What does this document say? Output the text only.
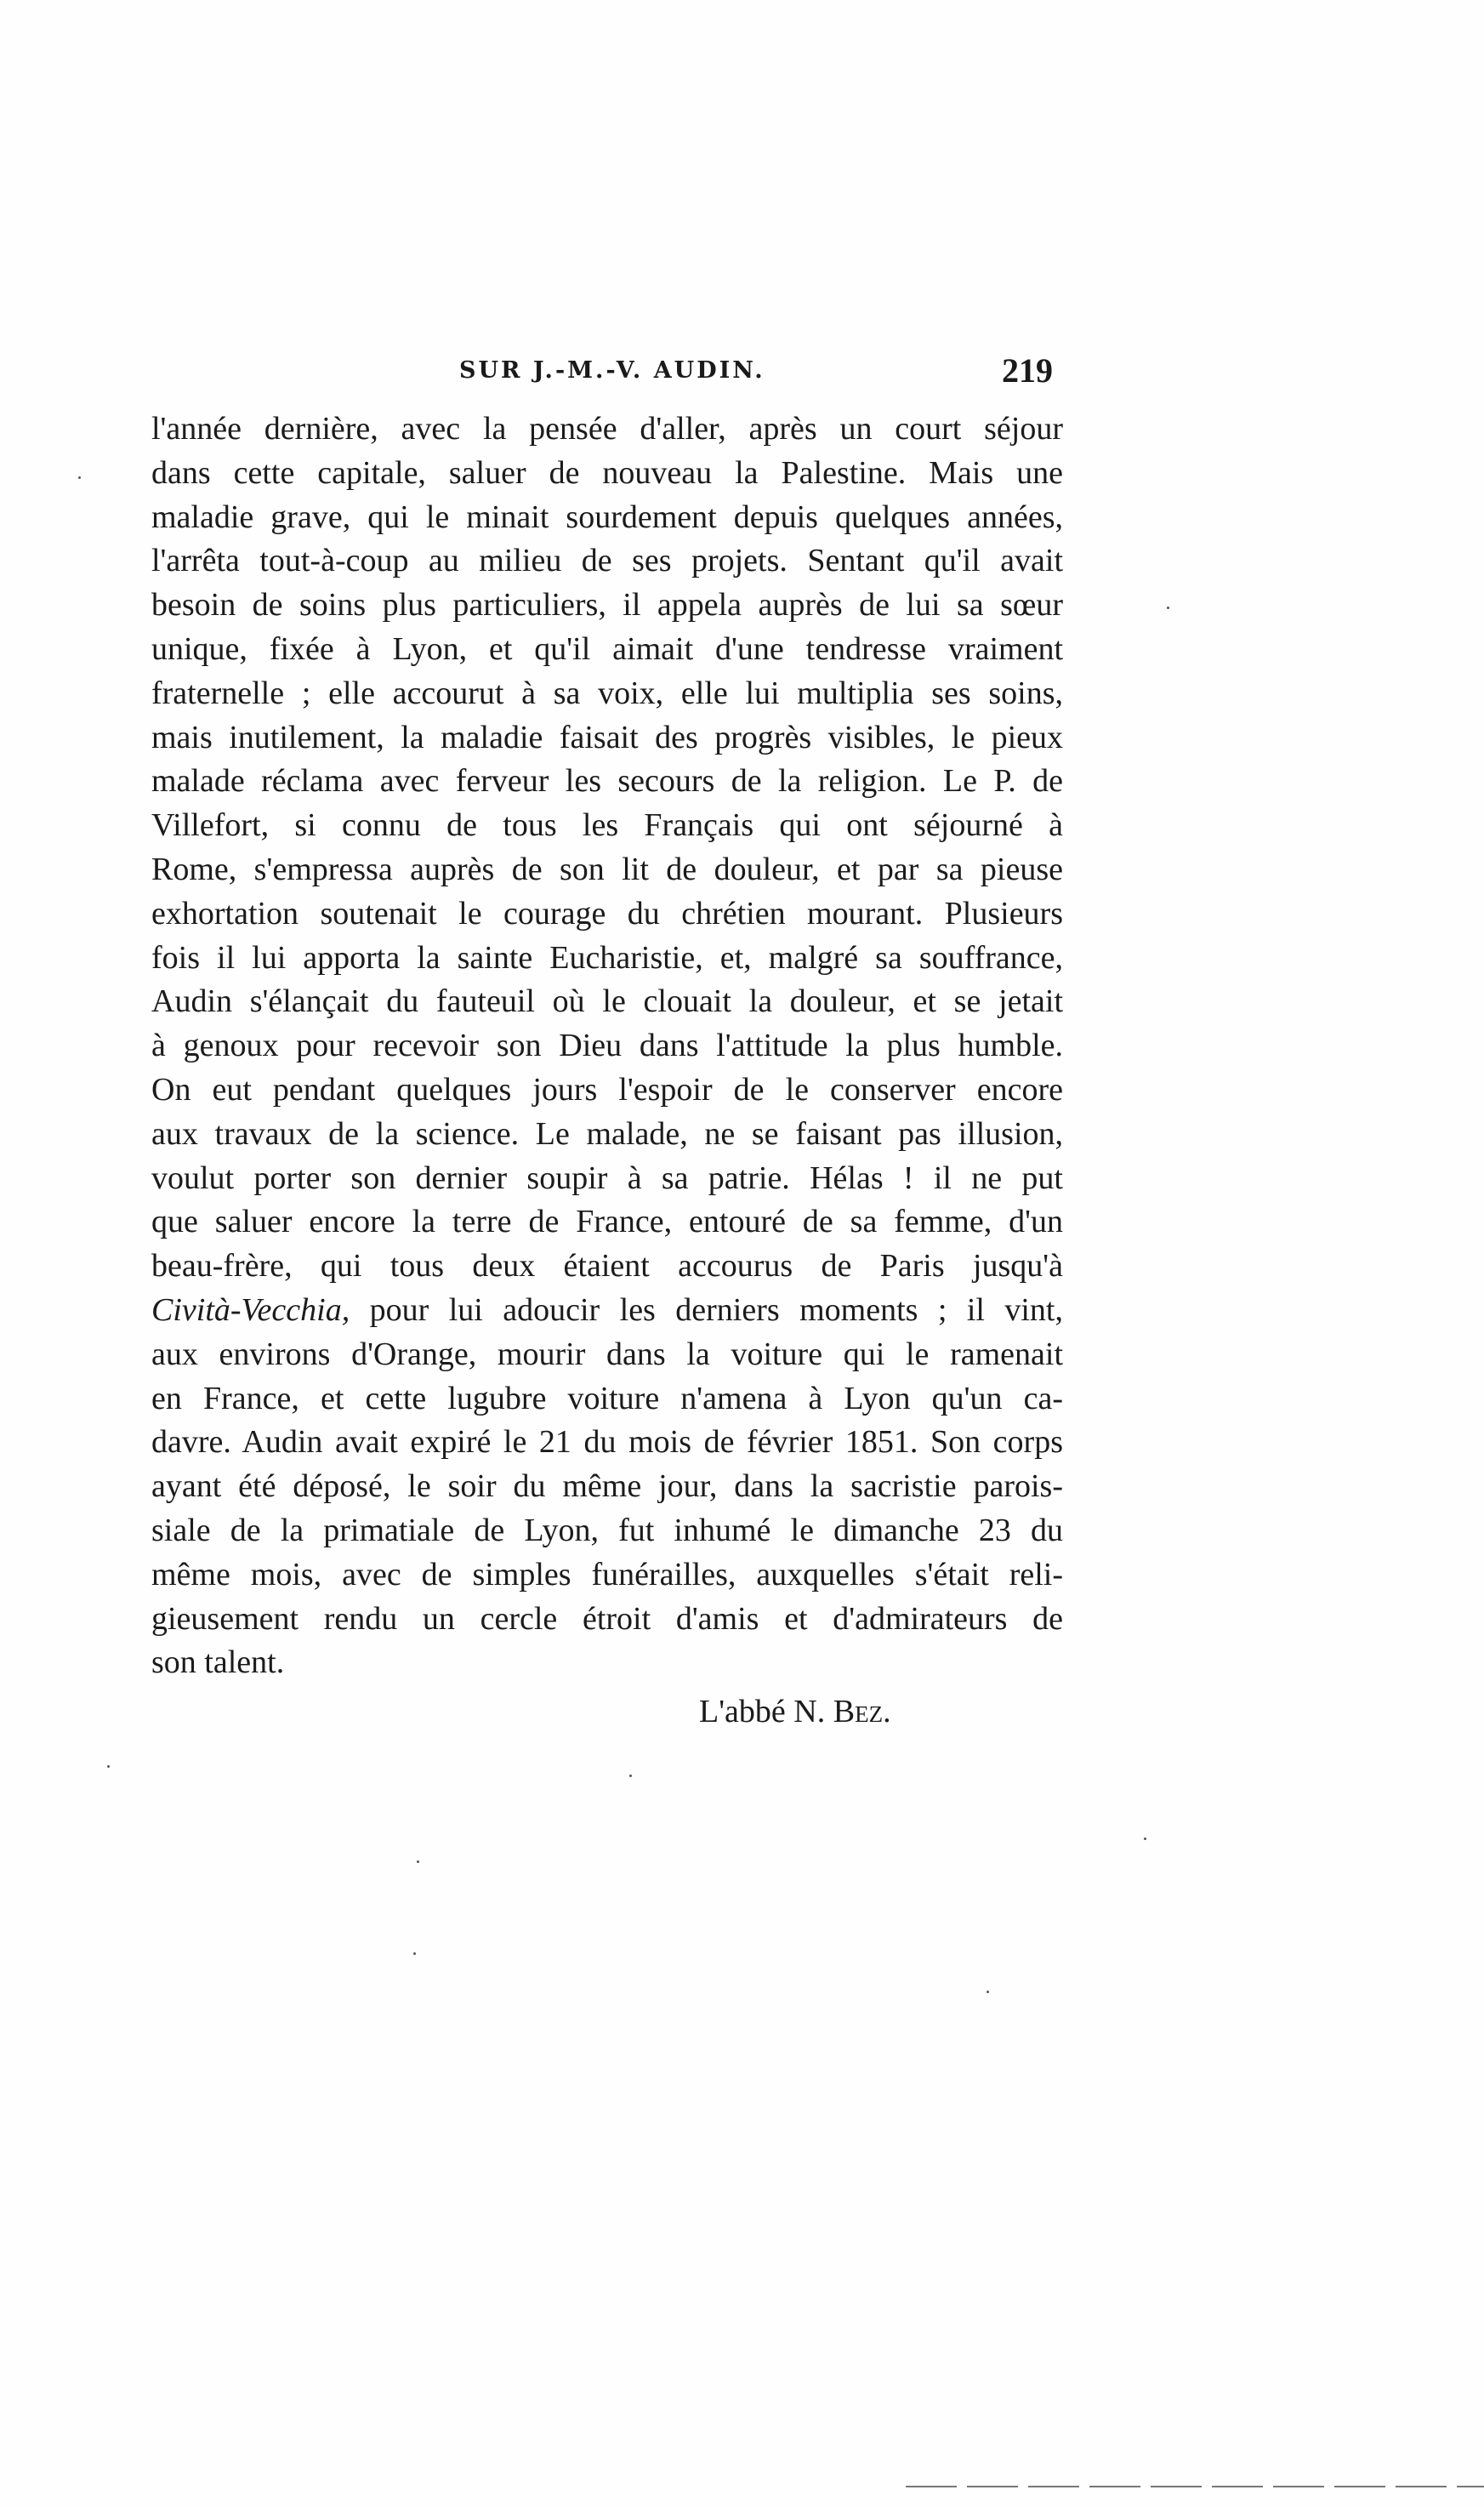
SUR J.-M.-V. AUDIN.	219
l'année dernière, avec la pensée d'aller, après un court séjour
dans cette capitale, saluer de nouveau la Palestine. Mais une
maladie grave, qui le minait sourdement depuis quelques années,
l'arrêta tout-à-coup au milieu de ses projets. Sentant qu'il avait
besoin de soins plus particuliers, il appela auprès de lui sa sœur
unique, fixée à Lyon, et qu'il aimait d'une tendresse vraiment
fraternelle ; elle accourut à sa voix, elle lui multiplia ses soins,
mais inutilement, la maladie faisait des progrès visibles, le pieux
malade réclama avec ferveur les secours de la religion. Le P. de
Villefort, si connu de tous les Français qui ont séjourné à
Rome, s'empressa auprès de son lit de douleur, et par sa pieuse
exhortation soutenait le courage du chrétien mourant. Plusieurs
fois il lui apporta la sainte Eucharistie, et, malgré sa souffrance,
Audin s'élançait du fauteuil où le clouait la douleur, et se jetait
à genoux pour recevoir son Dieu dans l'attitude la plus humble.
On eut pendant quelques jours l'espoir de le conserver encore
aux travaux de la science. Le malade, ne se faisant pas illusion,
voulut porter son dernier soupir à sa patrie. Hélas ! il ne put
que saluer encore la terre de France, entouré de sa femme, d'un
beau-frère, qui tous deux étaient accourus de Paris jusqu'à
Cività-Vecchia, pour lui adoucir les derniers moments ; il vint,
aux environs d'Orange, mourir dans la voiture qui le ramenait
en France, et cette lugubre voiture n'amena à Lyon qu'un ca-
davre. Audin avait expiré le 21 du mois de février 1851. Son corps
ayant été déposé, le soir du même jour, dans la sacristie parois-
siale de la primatiale de Lyon, fut inhumé le dimanche 23 du
même mois, avec de simples funérailles, auxquelles s'était reli-
gieusement rendu un cercle étroit d'amis et d'admirateurs de
son talent.
L'abbé N. Bez.
